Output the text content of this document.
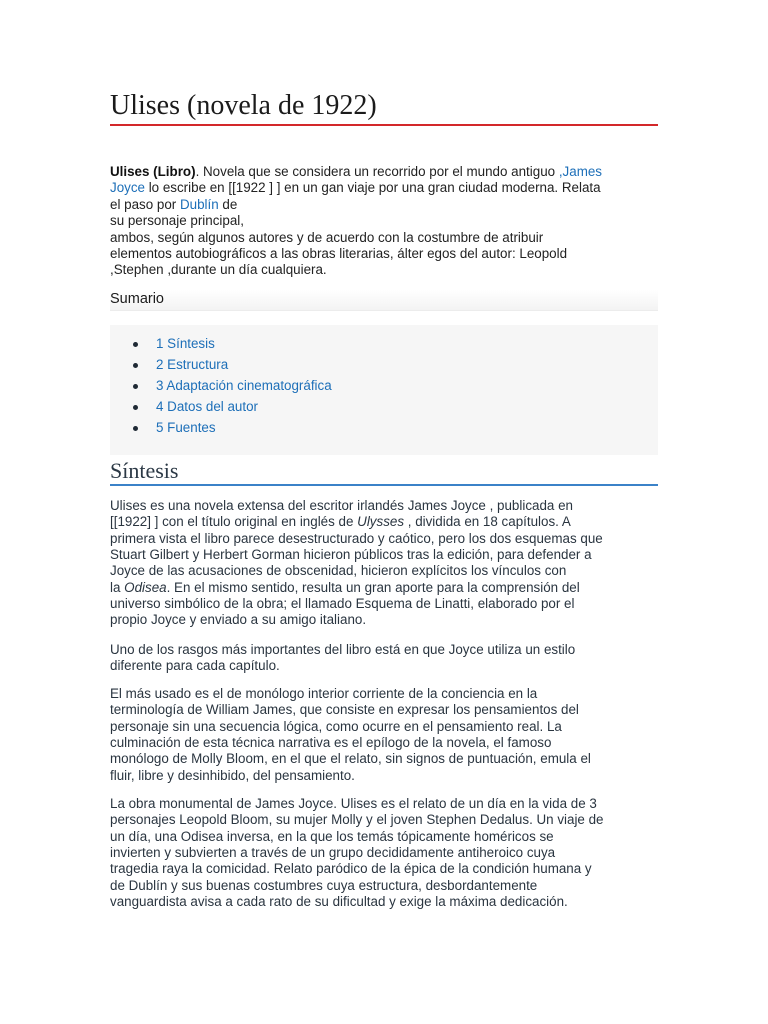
Ulises (novela de 1922)
Ulises (Libro). Novela que se considera un recorrido por el mundo antiguo ,James
Joyce lo escribe en [[1922 ] ] en un gan viaje por una gran ciudad moderna. Relata
el paso por Dublín de
su personaje principal,
ambos, según algunos autores y de acuerdo con la costumbre de atribuir
elementos autobiográficos a las obras literarias, álter egos del autor: Leopold
,Stephen ,durante un día cualquiera.
Sumario
1 Síntesis
2 Estructura
3 Adaptación cinematográfica
4 Datos del autor
5 Fuentes
Síntesis
Ulises es una novela extensa del escritor irlandés James Joyce , publicada en
[[1922] ] con el título original en inglés de Ulysses , dividida en 18 capítulos. A
primera vista el libro parece desestructurado y caótico, pero los dos esquemas que
Stuart Gilbert y Herbert Gorman hicieron públicos tras la edición, para defender a
Joyce de las acusaciones de obscenidad, hicieron explícitos los vínculos con
la Odisea. En el mismo sentido, resulta un gran aporte para la comprensión del
universo simbólico de la obra; el llamado Esquema de Linatti, elaborado por el
propio Joyce y enviado a su amigo italiano.
Uno de los rasgos más importantes del libro está en que Joyce utiliza un estilo
diferente para cada capítulo.
El más usado es el de monólogo interior corriente de la conciencia en la
terminología de William James, que consiste en expresar los pensamientos del
personaje sin una secuencia lógica, como ocurre en el pensamiento real. La
culminación de esta técnica narrativa es el epílogo de la novela, el famoso
monólogo de Molly Bloom, en el que el relato, sin signos de puntuación, emula el
fluir, libre y desinhibido, del pensamiento.
La obra monumental de James Joyce. Ulises es el relato de un día en la vida de 3
personajes Leopold Bloom, su mujer Molly y el joven Stephen Dedalus. Un viaje de
un día, una Odisea inversa, en la que los temás tópicamente homéricos se
invierten y subvierten a través de un grupo decididamente antiheroico cuya
tragedia raya la comicidad. Relato paródico de la épica de la condición humana y
de Dublín y sus buenas costumbres cuya estructura, desbordantemente
vanguardista avisa a cada rato de su dificultad y exige la máxima dedicación.
